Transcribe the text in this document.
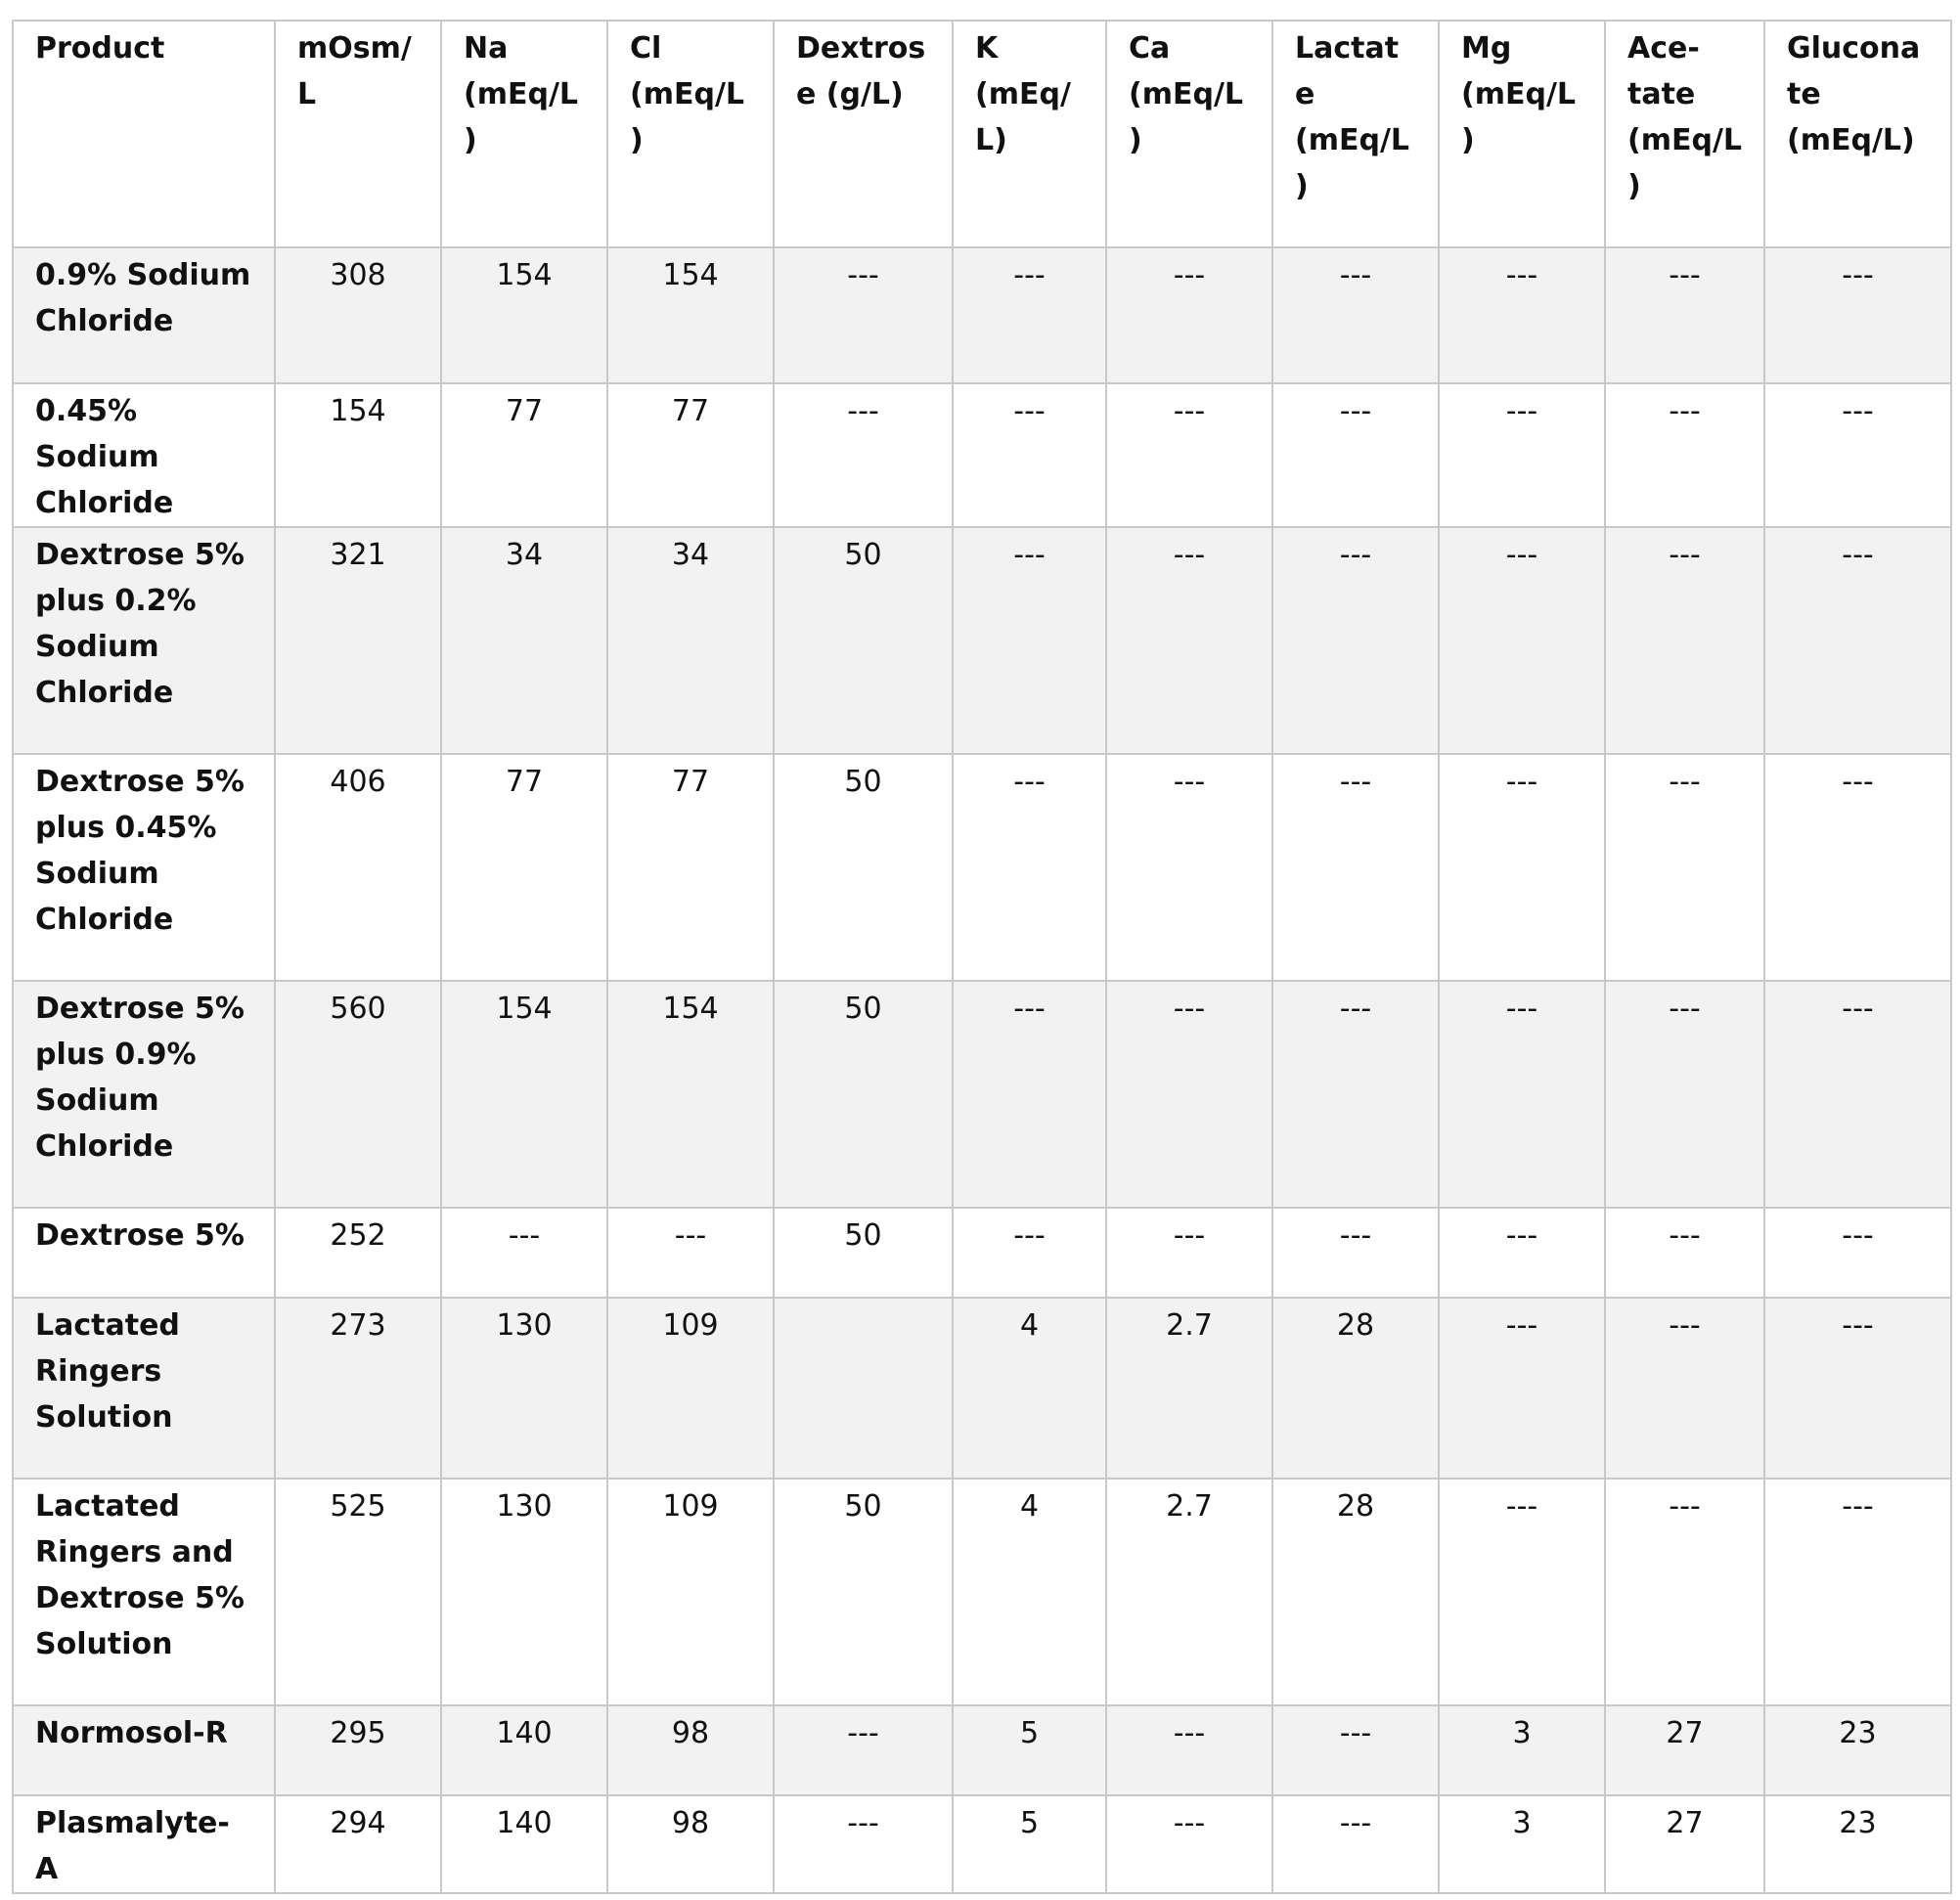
Product	mOsm/ L	Na (mEq/L)	Cl (mEq/L)	Dextrose (g/L)	K (mEq/L)	Ca (mEq/L)	Lactate (mEq/L)	Mg (mEq/L)	Ace-tate (mEq/L)	Gluconate (mEq/L)
0.9% Sodium Chloride	308	154	154	---	---	---	---	---	---	---
0.45% Sodium Chloride	154	77	77	---	---	---	---	---	---	---
Dextrose 5% plus 0.2% Sodium Chloride	321	34	34	50	---	---	---	---	---	---
Dextrose 5% plus 0.45% Sodium Chloride	406	77	77	50	---	---	---	---	---	---
Dextrose 5% plus 0.9% Sodium Chloride	560	154	154	50	---	---	---	---	---	---
Dextrose 5%	252	---	---	50	---	---	---	---	---	---
Lactated Ringers Solution	273	130	109		4	2.7	28	---	---	---
Lactated Ringers and Dextrose 5% Solution	525	130	109	50	4	2.7	28	---	---	---
Normosol-R	295	140	98	---	5	---	---	3	27	23
Plasmalyte-A	294	140	98	---	5	---	---	3	27	23
